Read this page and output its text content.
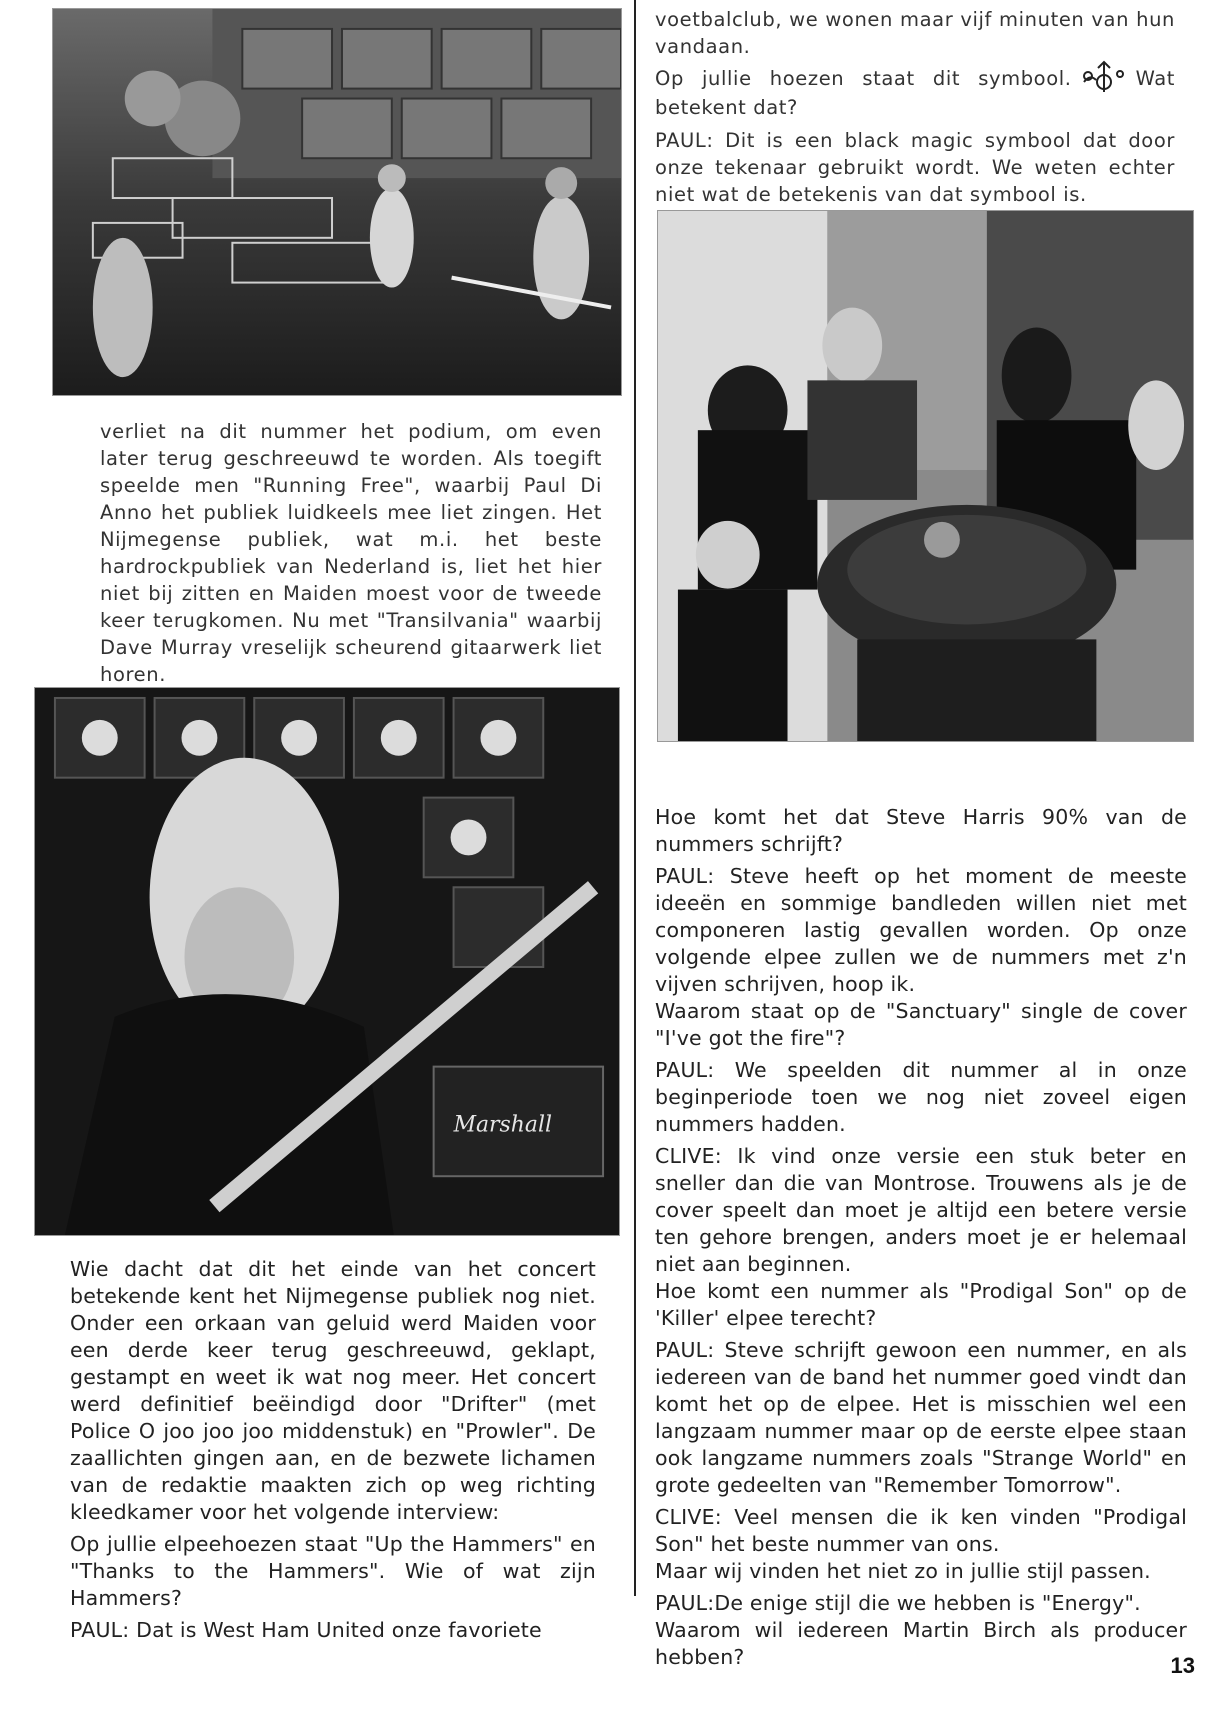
voetbalclub, we wonen maar vijf minuten van hun vandaan.

Op jullie hoezen staat dit symbool.	Wat betekent dat?

PAUL: Dit is een black magic symbool dat door onze tekenaar gebruikt wordt. We weten echter niet wat de betekenis van dat symbool is.

verliet na dit nummer het podium, om even later terug geschreeuwd te worden. Als toegift speelde men "Running Free", waarbij Paul Di Anno het publiek luidkeels mee liet zingen. Het Nijmegense publiek, wat m.i. het beste hardrockpubliek van Nederland is, liet het hier niet bij zitten en Maiden moest voor de tweede keer terugkomen. Nu met "Transilvania" waarbij Dave Murray vreselijk scheurend gitaarwerk liet horen.

Marshall

Wie dacht dat dit het einde van het concert betekende kent het Nijmegense publiek nog niet. Onder een orkaan van geluid werd Maiden voor een derde keer terug geschreeuwd, geklapt, gestampt en weet ik wat nog meer. Het concert werd definitief beëindigd door "Drifter" (met Police O joo joo joo middenstuk) en "Prowler". De zaallichten gingen aan, en de bezwete lichamen van de redaktie maakten zich op weg richting kleedkamer voor het volgende interview:

Op jullie elpeehoezen staat "Up the Hammers" en "Thanks to the Hammers". Wie of wat zijn Hammers?

PAUL: Dat is West Ham United onze favoriete

Hoe komt het dat Steve Harris 90% van de nummers schrijft?

PAUL: Steve heeft op het moment de meeste ideeën en sommige bandleden willen niet met componeren lastig gevallen worden. Op onze volgende elpee zullen we de nummers met z'n vijven schrijven, hoop ik.

Waarom staat op de "Sanctuary" single de cover "I've got the fire"?

PAUL: We speelden dit nummer al in onze beginperiode toen we nog niet zoveel eigen nummers hadden.

CLIVE: Ik vind onze versie een stuk beter en sneller dan die van Montrose. Trouwens als je de cover speelt dan moet je altijd een betere versie ten gehore brengen, anders moet je er helemaal niet aan beginnen.

Hoe komt een nummer als "Prodigal Son" op de 'Killer' elpee terecht?

PAUL: Steve schrijft gewoon een nummer, en als iedereen van de band het nummer goed vindt dan komt het op de elpee. Het is misschien wel een langzaam nummer maar op de eerste elpee staan ook langzame nummers zoals "Strange World" en grote gedeelten van "Remember Tomorrow".

CLIVE: Veel mensen die ik ken vinden "Prodigal Son" het beste nummer van ons.

Maar wij vinden het niet zo in jullie stijl passen.

PAUL:De enige stijl die we hebben is "Energy".

Waarom wil iedereen Martin Birch als producer hebben?	13
